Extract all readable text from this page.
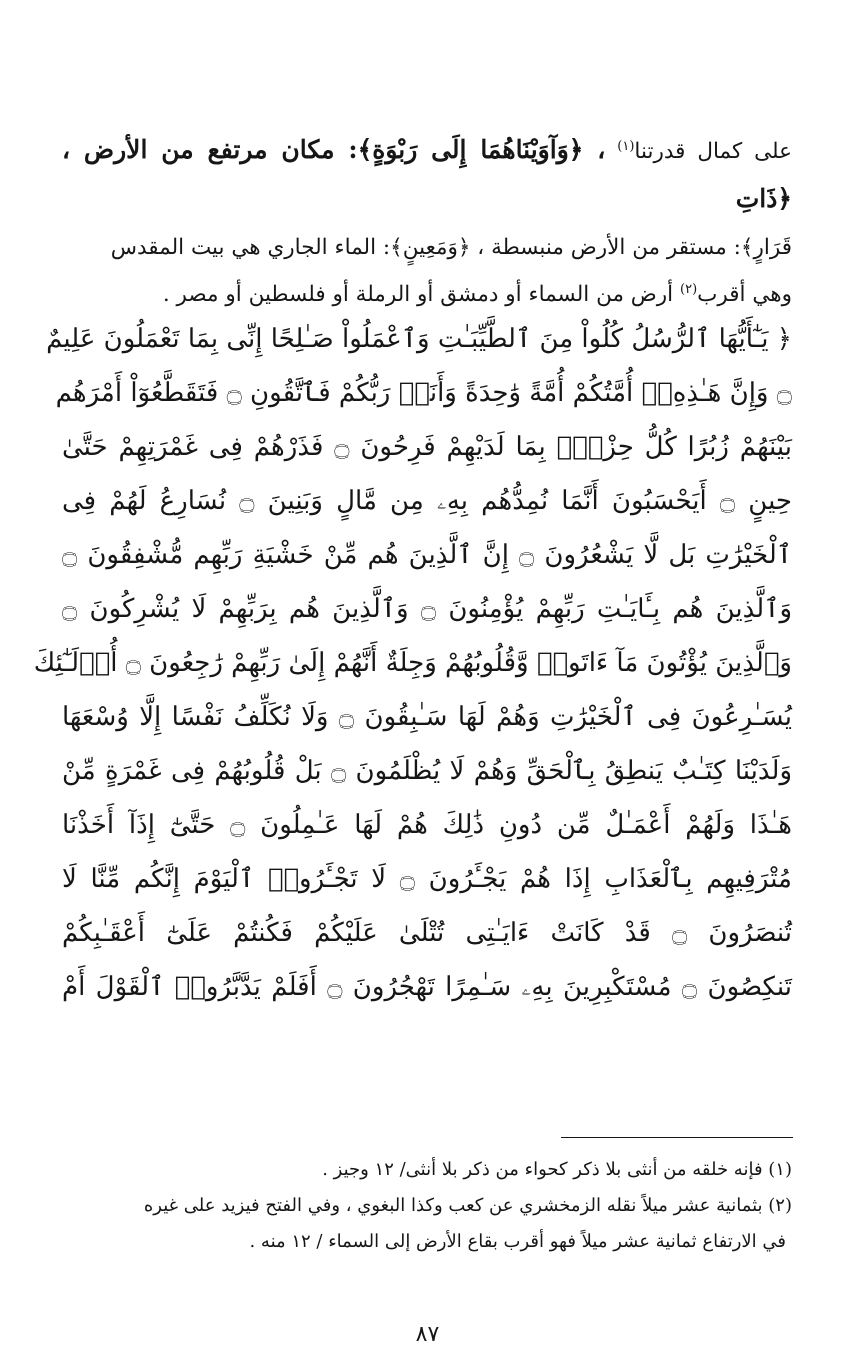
على كمال قدرتنا$^{(١)}$ ، ﴿وَآوَيْنَاهُمَا إِلَى رَبْوَةٍ﴾: مكان مرتفع من الأرض ، ﴿ذَاتِ

قَرَارٍ﴾: مستقر من الأرض منبسطة ، ﴿وَمَعِينٍ﴾: الماء الجاري هي بيت المقدس

وهي أقرب$^{(٢)}$ أرض من السماء أو دمشق أو الرملة أو فلسطين أو مصر .

﴿ يَـٰٓأَيُّهَا ٱلرُّسُلُ كُلُواْ مِنَ ٱلطَّيِّبَـٰتِ وَٱعْمَلُواْ صَـٰلِحًا إِنِّى بِمَا تَعْمَلُونَ عَلِيمٌ
۝ وَإِنَّ هَـٰذِهِۦٓ أُمَّتُكُمْ أُمَّةً وَٰحِدَةً وَأَنَا۠ رَبُّكُمْ فَٱتَّقُونِ ۝ فَتَقَطَّعُوٓاْ أَمْرَهُم
بَيْنَهُمْ زُبُرًا كُلُّ حِزْبٍۭ بِمَا لَدَيْهِمْ فَرِحُونَ ۝ فَذَرْهُمْ فِى غَمْرَتِهِمْ حَتَّىٰ
حِينٍ ۝ أَيَحْسَبُونَ أَنَّمَا نُمِدُّهُم بِهِۦ مِن مَّالٍ وَبَنِينَ ۝ نُسَارِعُ لَهُمْ فِى
ٱلْخَيْرَٰتِ بَل لَّا يَشْعُرُونَ ۝ إِنَّ ٱلَّذِينَ هُم مِّنْ خَشْيَةِ رَبِّهِم مُّشْفِقُونَ ۝
وَٱلَّذِينَ هُم بِـَٔايَـٰتِ رَبِّهِمْ يُؤْمِنُونَ ۝ وَٱلَّذِينَ هُم بِرَبِّهِمْ لَا يُشْرِكُونَ ۝
وَٱلَّذِينَ يُؤْتُونَ مَآ ءَاتَوا۟ وَّقُلُوبُهُمْ وَجِلَةٌ أَنَّهُمْ إِلَىٰ رَبِّهِمْ رَٰجِعُونَ ۝ أُو۟لَـٰٓئِكَ
يُسَـٰرِعُونَ فِى ٱلْخَيْرَٰتِ وَهُمْ لَهَا سَـٰبِقُونَ ۝ وَلَا نُكَلِّفُ نَفْسًا إِلَّا وُسْعَهَا
وَلَدَيْنَا كِتَـٰبٌ يَنطِقُ بِٱلْحَقِّ وَهُمْ لَا يُظْلَمُونَ ۝ بَلْ قُلُوبُهُمْ فِى غَمْرَةٍ مِّنْ
هَـٰذَا وَلَهُمْ أَعْمَـٰلٌ مِّن دُونِ ذَٰلِكَ هُمْ لَهَا عَـٰمِلُونَ ۝ حَتَّىٰٓ إِذَآ أَخَذْنَا
مُتْرَفِيهِم بِٱلْعَذَابِ إِذَا هُمْ يَجْـَٔرُونَ ۝ لَا تَجْـَٔرُوا۟ ٱلْيَوْمَ إِنَّكُم مِّنَّا لَا
تُنصَرُونَ ۝ قَدْ كَانَتْ ءَايَـٰتِى تُتْلَىٰ عَلَيْكُمْ فَكُنتُمْ عَلَىٰٓ أَعْقَـٰبِكُمْ
تَنكِصُونَ ۝ مُسْتَكْبِرِينَ بِهِۦ سَـٰمِرًا تَهْجُرُونَ ۝ أَفَلَمْ يَدَّبَّرُوا۟ ٱلْقَوْلَ أَمْ

(١) فإنه خلقه من أنثى بلا ذكر كحواء من ذكر بلا أنثى/ ١٢ وجيز .

(٢) بثمانية عشر ميلاً نقله الزمخشري عن كعب وكذا البغوي ، وفي الفتح فيزيد على غيره

في الارتفاع ثمانية عشر ميلاً فهو أقرب بقاع الأرض إلى السماء / ١٢ منه .

٨٧
